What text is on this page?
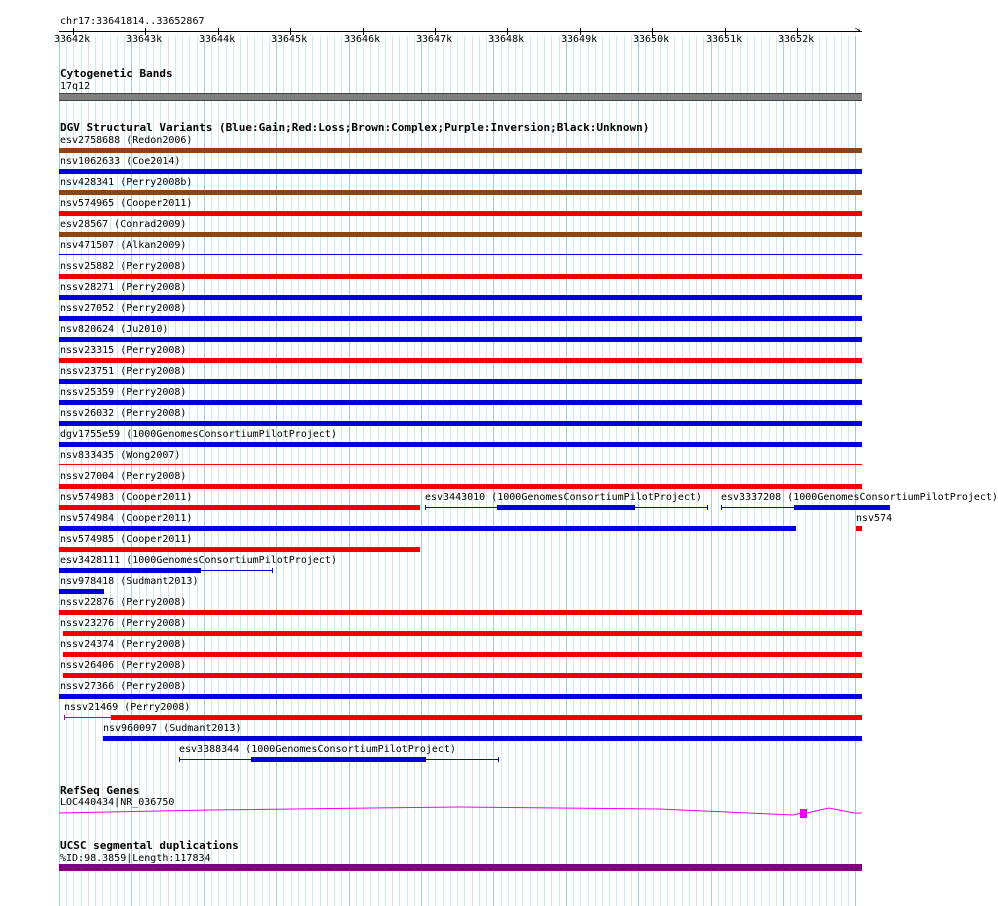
chr17:33641814..33652867
>
33642k	33643k	33644k	33645k	33646k	33647k	33648k	33649k	33650k	33651k	33652k
Cytogenetic Bands
17q12
DGV Structural Variants (Blue:Gain;Red:Loss;Brown:Complex;Purple:Inversion;Black:Unknown)
esv2758688 (Redon2006)
nsv1062633 (Coe2014)
nsv428341 (Perry2008b)
nsv574965 (Cooper2011)
esv28567 (Conrad2009)
nsv471507 (Alkan2009)
nssv25882 (Perry2008)
nssv28271 (Perry2008)
nssv27052 (Perry2008)
nsv820624 (Ju2010)
nssv23315 (Perry2008)
nssv23751 (Perry2008)
nssv25359 (Perry2008)
nssv26032 (Perry2008)
dgv1755e59 (1000GenomesConsortiumPilotProject)
nsv833435 (Wong2007)
nssv27004 (Perry2008)
nsv574983 (Cooper2011)	esv3443010 (1000GenomesConsortiumPilotProject) esv3337208 (1000GenomesConsortiumPilotProject)
nsv574984 (Cooper2011)	nsv574
nsv574985 (Cooper2011)
esv3428111 (1000GenomesConsortiumPilotProject)
nsv978418 (Sudmant2013)
nssv22876 (Perry2008)
nssv23276 (Perry2008)
nssv24374 (Perry2008)
nssv26406 (Perry2008)
nssv27366 (Perry2008)
nssv21469 (Perry2008)
nsv960097 (Sudmant2013)
esv3388344 (1000GenomesConsortiumPilotProject)
RefSeq Genes
LOC440434|NR_036750
UCSC segmental duplications
%ID:98.3859|Length:117834
